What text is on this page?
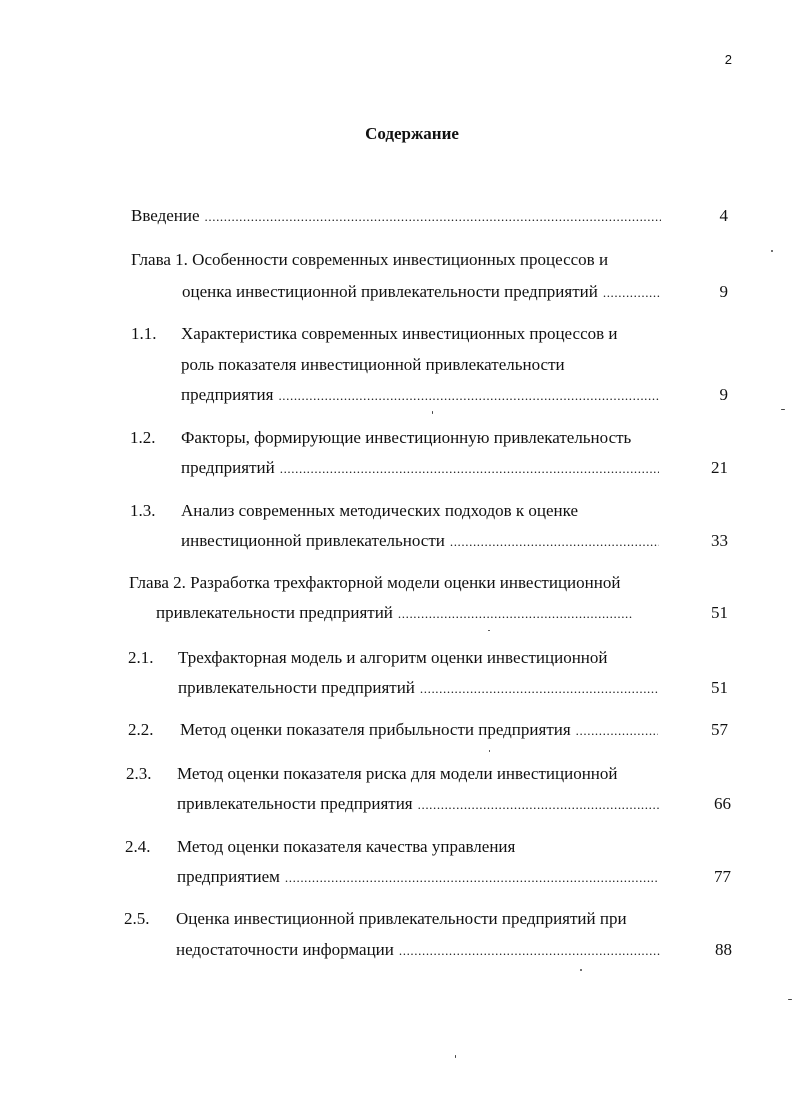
2
Содержание
Введение .....	4
Глава 1. Особенности современных инвестиционных процессов и
оценка инвестиционной привлекательности предприятий .....	9
1.1. Характеристика современных инвестиционных процессов и
роль показателя инвестиционной привлекательности
предприятия .....	9
1.2. Факторы, формирующие инвестиционную привлекательность
предприятий .....	21
1.3. Анализ современных методических подходов к оценке
инвестиционной привлекательности .....	33
Глава 2. Разработка трехфакторной модели оценки инвестиционной
привлекательности предприятий .....	51
2.1. Трехфакторная модель и алгоритм оценки инвестиционной
привлекательности предприятий .....	51
2.2. Метод оценки показателя прибыльности предприятия .....	57
2.3. Метод оценки показателя риска для модели инвестиционной
привлекательности предприятия .....	66
2.4. Метод оценки показателя качества управления
предприятием .....	77
2.5. Оценка инвестиционной привлекательности предприятий при
недостаточности информации .....	88
